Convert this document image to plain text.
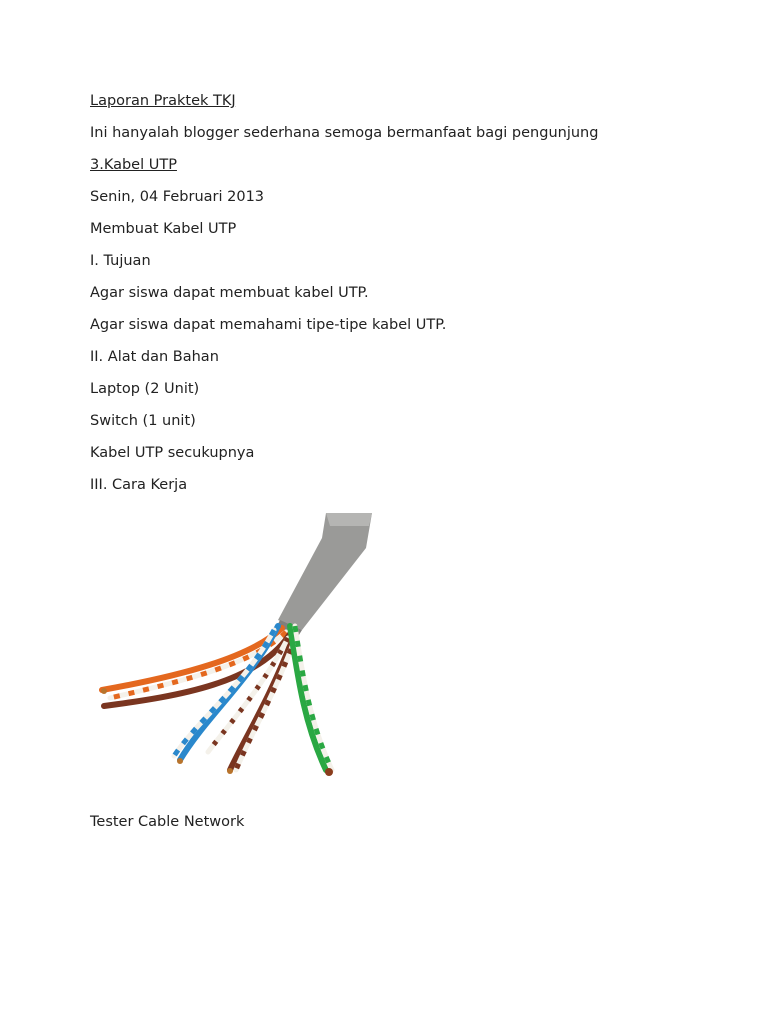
Laporan Praktek TKJ
Ini hanyalah blogger sederhana semoga bermanfaat bagi pengunjung
3.Kabel UTP
Senin, 04 Februari 2013
Membuat Kabel UTP
I. Tujuan
Agar siswa dapat membuat kabel UTP.
Agar siswa dapat memahami tipe-tipe kabel UTP.
II. Alat dan Bahan
Laptop (2 Unit)
Switch (1 unit)
Kabel UTP secukupnya
III. Cara Kerja
Tester Cable Network
